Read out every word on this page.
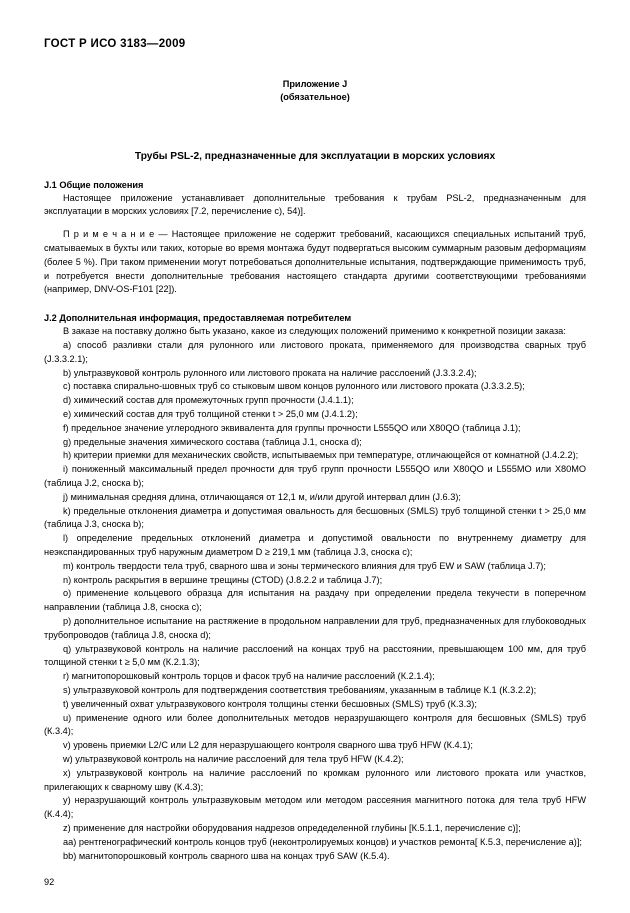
ГОСТ Р ИСО 3183—2009
Приложение J
(обязательное)
Трубы PSL-2, предназначенные для эксплуатации в морских условиях
J.1 Общие положения

Настоящее приложение устанавливает дополнительные требования к трубам PSL-2, предназначенным для эксплуатации в морских условиях [7.2, перечисление c), 54)].

П р и м е ч а н и е — Настоящее приложение не содержит требований, касающихся специальных испытаний труб, сматываемых в бухты или таких, которые во время монтажа будут подвергаться высоким суммарным разовым деформациям (более 5 %). При таком применении могут потребоваться дополнительные испытания, подтверждающие применимость труб, и потребуется внести дополнительные требования настоящего стандарта другими соответствующими требованиями (например, DNV-OS-F101 [22]).

J.2 Дополнительная информация, предоставляемая потребителем

В заказе на поставку должно быть указано, какое из следующих положений применимо к конкретной позиции заказа:

a) способ разливки стали для рулонного или листового проката, применяемого для производства сварных труб (J.3.3.2.1);

b) ультразвуковой контроль рулонного или листового проката на наличие расслоений (J.3.3.2.4);

c) поставка спирально-шовных труб со стыковым швом концов рулонного или листового проката (J.3.3.2.5);

d) химический состав для промежуточных групп прочности (J.4.1.1);

e) химический состав для труб толщиной стенки t > 25,0 мм (J.4.1.2);

f) предельное значение углеродного эквивалента для группы прочности L555QO или X80QO (таблица J.1);

g) предельные значения химического состава (таблица J.1, сноска d);

h) критерии приемки для механических свойств, испытываемых при температуре, отличающейся от комнатной (J.4.2.2);

i) пониженный максимальный предел прочности для труб групп прочности L555QO или X80QO и L555MO или X80MO (таблица J.2, сноска b);

j) минимальная средняя длина, отличающаяся от 12,1 м, и/или другой интервал длин (J.6.3);

k) предельные отклонения диаметра и допустимая овальность для бесшовных (SMLS) труб толщиной стенки t > 25,0 мм (таблица J.3, сноска b);

l) определение предельных отклонений диаметра и допустимой овальности по внутреннему диаметру для неэкспандированных труб наружным диаметром D ≥ 219,1 мм (таблица J.3, сноска c);

m) контроль твердости тела труб, сварного шва и зоны термического влияния для труб EW и SAW (таблица J.7);

n) контроль раскрытия в вершине трещины (CTOD) (J.8.2.2 и таблица J.7);

o) применение кольцевого образца для испытания на раздачу при определении предела текучести в поперечном направлении (таблица J.8, сноска c);

p) дополнительное испытание на растяжение в продольном направлении для труб, предназначенных для глубоководных трубопроводов (таблица J.8, сноска d);

q) ультразвуковой контроль на наличие расслоений на концах труб на расстоянии, превышающем 100 мм, для труб толщиной стенки t ≥ 5,0 мм (К.2.1.3);

r) магнитопорошковый контроль торцов и фасок труб на наличие расслоений (К.2.1.4);

s) ультразвуковой контроль для подтверждения соответствия требованиям, указанным в таблице К.1 (К.3.2.2);

t) увеличенный охват ультразвукового контроля толщины стенки бесшовных (SMLS) труб (К.3.3);

u) применение одного или более дополнительных методов неразрушающего контроля для бесшовных (SMLS) труб (К.3.4);

v) уровень приемки L2/C или L2 для неразрушающего контроля сварного шва труб HFW (К.4.1);

w) ультразвуковой контроль на наличие расслоений для тела труб HFW (К.4.2);

x) ультразвуковой контроль на наличие расслоений по кромкам рулонного или листового проката или участков, прилегающих к сварному шву (К.4.3);

y) неразрушающий контроль ультразвуковым методом или методом рассеяния магнитного потока для тела труб HFW (К.4.4);

z) применение для настройки оборудования надрезов опредеделенной глубины [К.5.1.1, перечисление c)];

aa) рентгенографический контроль концов труб (неконтролируемых концов) и участков ремонта[ К.5.3, перечисление a)];

bb) магнитопорошковый контроль сварного шва на концах труб SAW (К.5.4).

92
